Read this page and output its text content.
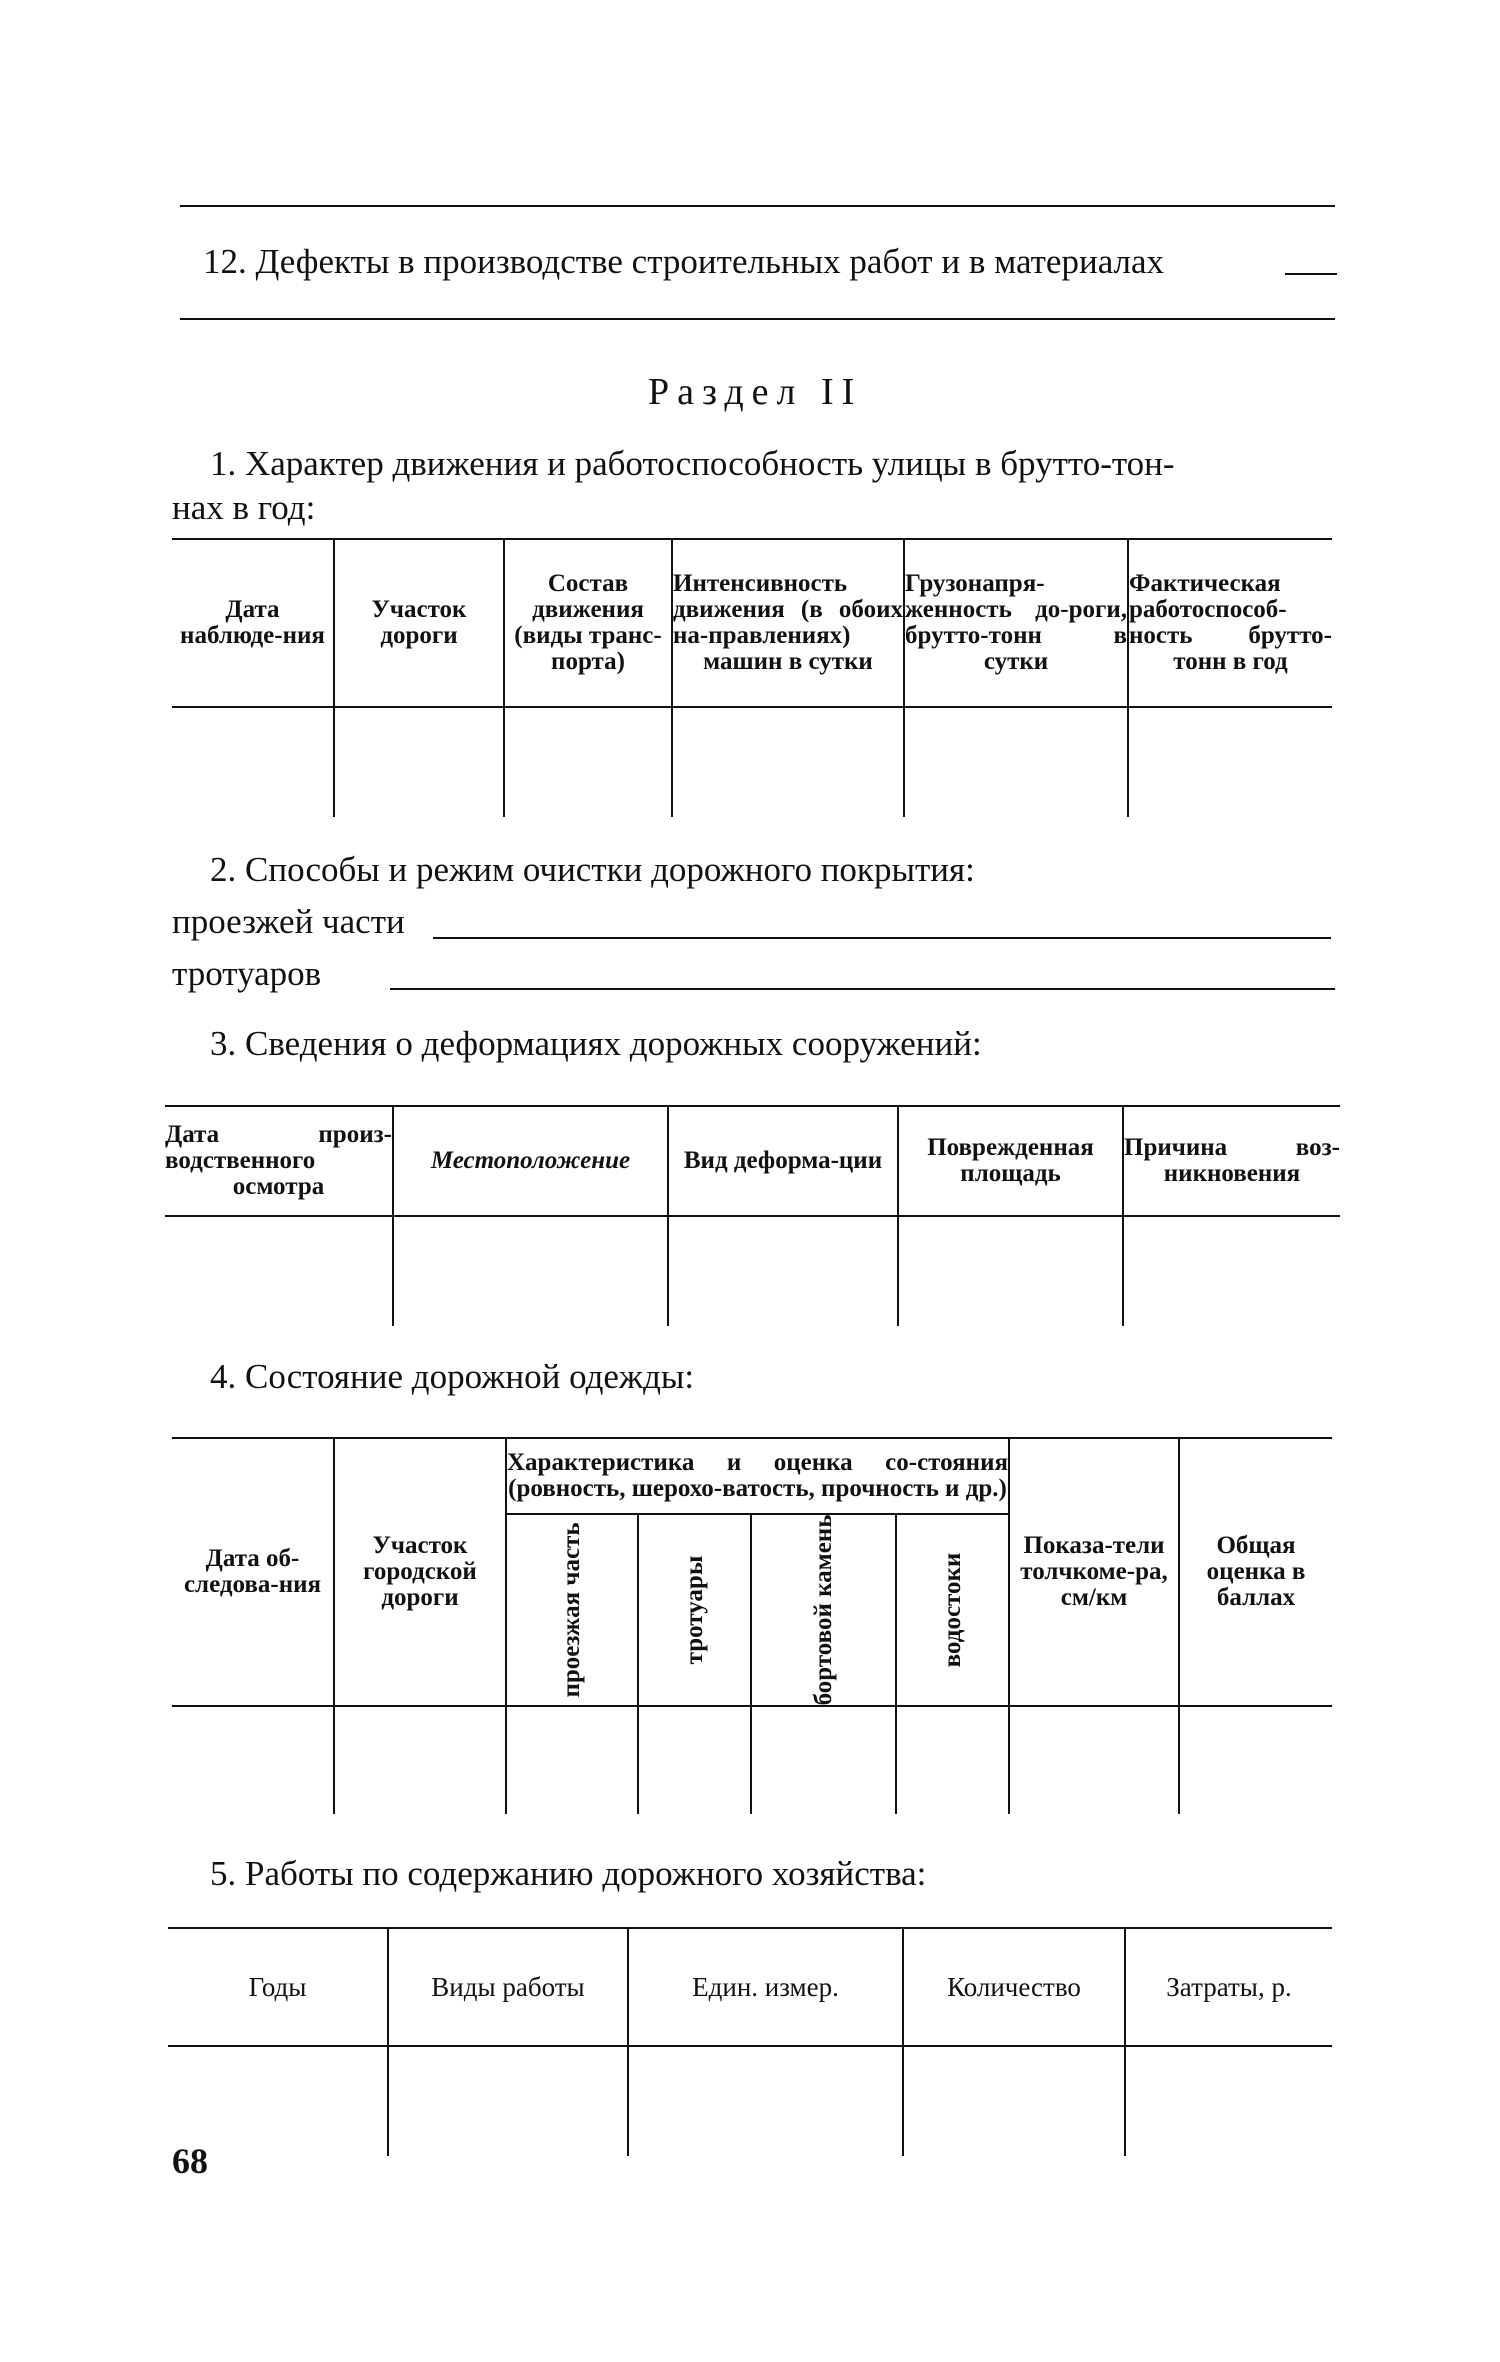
12. Дефекты в производстве строительных работ и в материалах
Раздел II
1. Характер движения и работоспособность улицы в брутто-тон-
нах в год:
Дата наблюде-ния	Участок дороги	Состав движения (виды транс-порта)	Интенсивность движения (в обоих на-правлениях) машин в сутки	Грузонапря-женность до-роги, брутто-тонн в сутки	Фактическая работоспособ-ность брутто-тонн в год

2. Способы и режим очистки дорожного покрытия:
проезжей части
тротуаров
3. Сведения о деформациях дорожных сооружений:
Дата произ-водственного осмотра	Местоположение	Вид деформа-ции	Поврежденная площадь	Причина воз-никновения

4. Состояние дорожной одежды:
Дата об-следова-ния	Участок городской дороги	Характеристика и оценка со-стояния (ровность, шерохо-ватость, прочность и др.)				Показа-тели толчкоме-ра, см/км	Общая оценка в баллах

		проезжая часть	тротуары	бортовой камень	водостоки		

5. Работы по содержанию дорожного хозяйства:
Годы	Виды работы	Един. измер.	Количество	Затраты, р.

68
